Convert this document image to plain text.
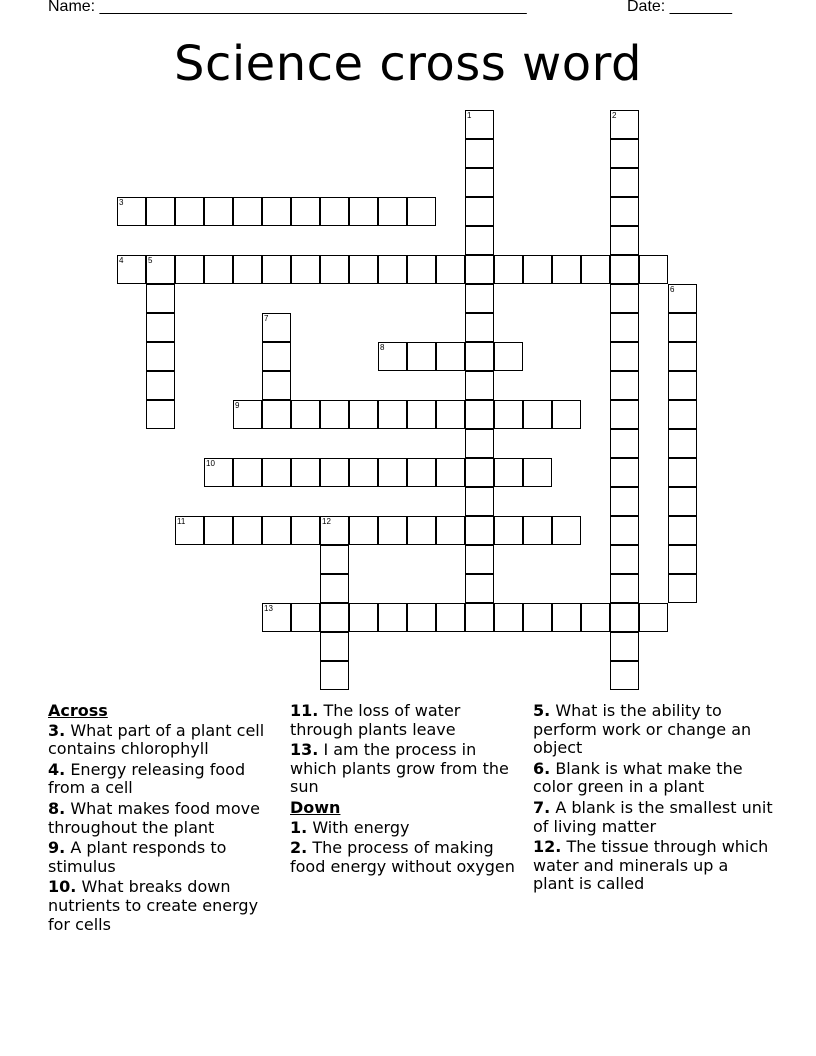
Name: ________________________________________________	Date: _______
Science cross word
1	2
3
4	5
6
7
8
9
10
11	12
13
Across
3. What part of a plant cell contains chlorophyll
4. Energy releasing food from a cell
8. What makes food move throughout the plant
9. A plant responds to stimulus
10. What breaks down nutrients to create energy for cells
11. The loss of water through plants leave
13. I am the process in which plants grow from the sun
Down
1. With energy
2. The process of making food energy without oxygen
5. What is the ability to perform work or change an object
6. Blank is what make the color green in a plant
7. A blank is the smallest unit of living matter
12. The tissue through which water and minerals up a plant is called
